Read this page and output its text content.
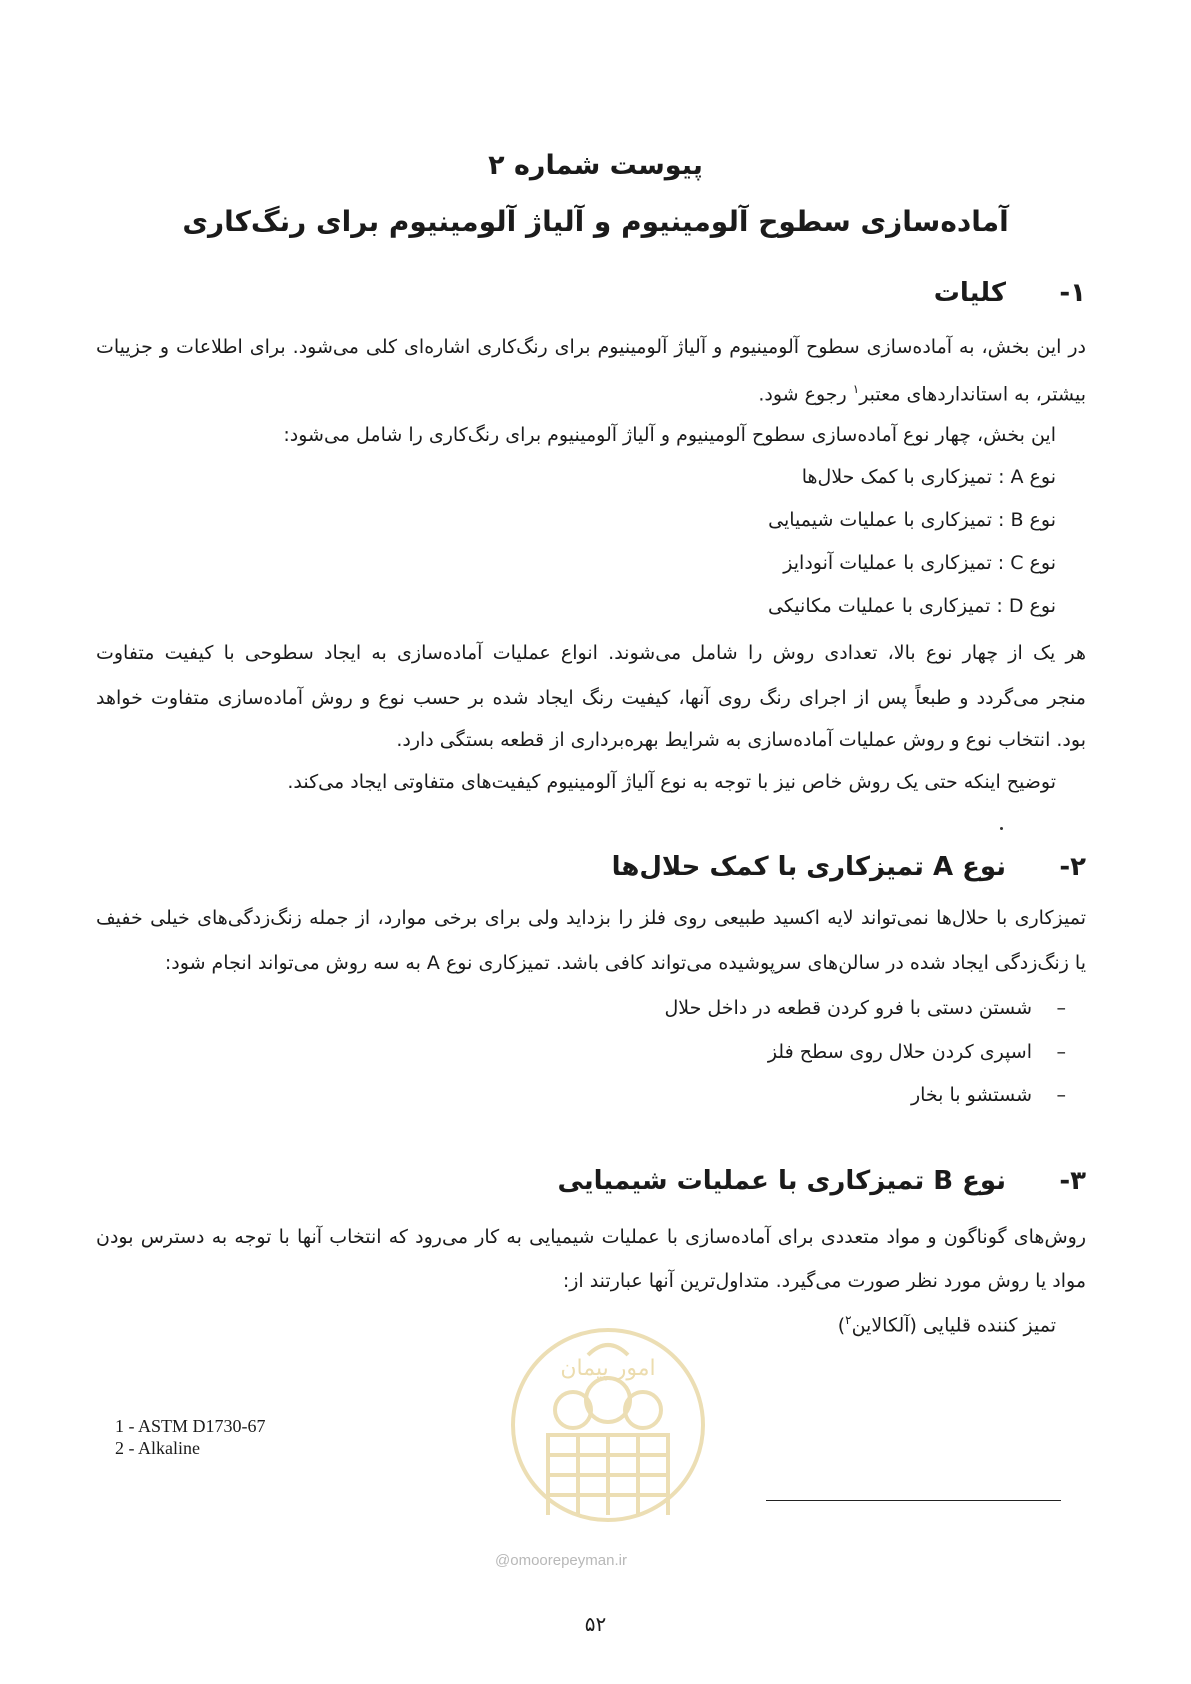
پیوست شماره ۲
آماده‌سازی سطوح آلومینیوم و آلیاژ آلومینیوم برای رنگ‌کاری
۱-
کلیات
در این بخش، به آماده‌سازی سطوح آلومینیوم و آلیاژ آلومینیوم برای رنگ‌کاری اشاره‌ای کلی می‌شود. برای اطلاعات و جزییات
بیشتر، به استانداردهای معتبر$^۱$ رجوع شود.
این بخش، چهار نوع آماده‌سازی سطوح آلومینیوم و آلیاژ آلومینیوم برای رنگ‌کاری را شامل می‌شود:
نوع A : تمیزکاری با کمک حلال‌ها
نوع B : تمیزکاری با عملیات شیمیایی
نوع C : تمیزکاری با عملیات آنودایز
نوع D : تمیزکاری با عملیات مکانیکی
هر یک از چهار نوع بالا، تعدادی روش را شامل می‌شوند. انواع عملیات آماده‌سازی به ایجاد سطوحی با کیفیت متفاوت
منجر می‌گردد و طبعاً پس از اجرای رنگ روی آنها، کیفیت رنگ ایجاد شده بر حسب نوع و روش آماده‌سازی متفاوت خواهد
بود. انتخاب نوع و روش عملیات آماده‌سازی به شرایط بهره‌برداری از قطعه بستگی دارد.
توضیح اینکه حتی یک روش خاص نیز با توجه به نوع آلیاژ آلومینیوم کیفیت‌های متفاوتی ایجاد می‌کند.
۲-
نوع A تمیزکاری با کمک حلال‌ها
تمیزکاری با حلال‌ها نمی‌تواند لایه اکسید طبیعی روی فلز را بزداید ولی برای برخی موارد، از جمله زنگ‌زدگی‌های خیلی خفیف
یا زنگ‌زدگی ایجاد شده در سالن‌های سرپوشیده می‌تواند کافی باشد. تمیزکاری نوع A به سه روش می‌تواند انجام شود:
–شستن دستی با فرو کردن قطعه در داخل حلال
–اسپری کردن حلال روی سطح فلز
–شستشو با بخار
۳-
نوع B تمیزکاری با عملیات شیمیایی
امور پیمان
روش‌های گوناگون و مواد متعددی برای آماده‌سازی با عملیات شیمیایی به کار می‌رود که انتخاب آنها با توجه به دسترس بودن
مواد یا روش مورد نظر صورت می‌گیرد. متداول‌ترین آنها عبارتند از:
تمیز کننده قلیایی (آلکالاین$^۲$)
1 - ASTM D1730-67
2 - Alkaline
@omoorepeyman.ir
۵۲
